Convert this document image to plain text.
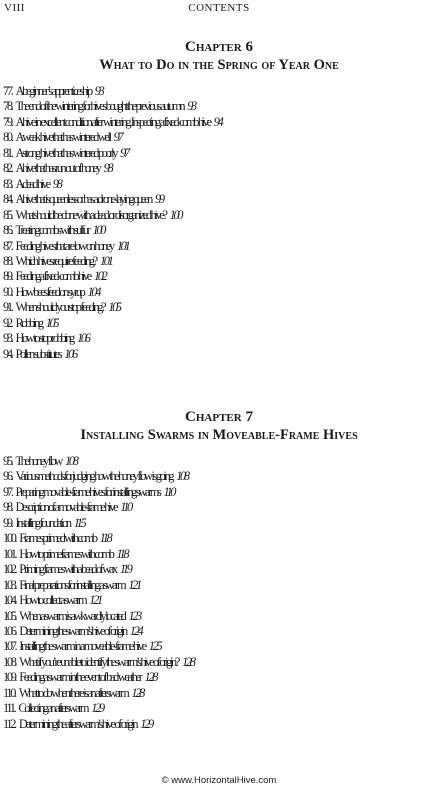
VIII	CONTENTS
Chapter 6
What to Do in the Spring of Year One
77. A beginner’s apprenticeship 93
78. The end of the wintering for hives bought the previous autumn 93
79. A hive in excellent condition after wintering. Inspecting a fixed-comb hive 94
80. A weak hive that has wintered well 97
81. A strong hive that has wintered poorly 97
82. A hive that has run out of honey 98
83. A dead hive 98
84. A hive that is queenless or has a drone-laying queen 99
85. What should be done with a dead or disorganized hive? 100
86. Treating combs with sulfur 100
87. Feeding hives that are low on honey 101
88. Which hives require feeding? 101
89. Feeding a fixed-comb hive 102
90. How bees feed on syrup 104
91. When should you stop feeding? 105
92. Robbing 105
93. How to stop robbing 106
94. Pollen substitutes 106
Chapter 7
Installing Swarms in Moveable-Frame Hives
95. The honey flow 108
96. Various methods for judging how the honey flow is going 108
97. Preparing movable-frame hives for installing swarms 110
98. Description of a movable-frame hive 110
99. Installing foundation 115
100. Frames primed with comb 118
101. How to prime frames with comb 118
102. Priming frames with a bead of wax 119
103. Final preparations for installing a swarm 121
104. How to collect a swarm 121
105. When a swarm is awkwardly located 123
106. Determining the swarm’s hive of origin 124
107. Installing the swarm in a moveable-frame hive 125
108. What if you’re unable to identify the swarm’s hive of origin? 128
109. Feeding a swarm in the event of bad weather 128
110. What to do when there is an afterswarm 128
111. Collecting an afterswarm 129
112. Determining the afterswarm’s hive of origin 129
© www.HorizontalHive.com
